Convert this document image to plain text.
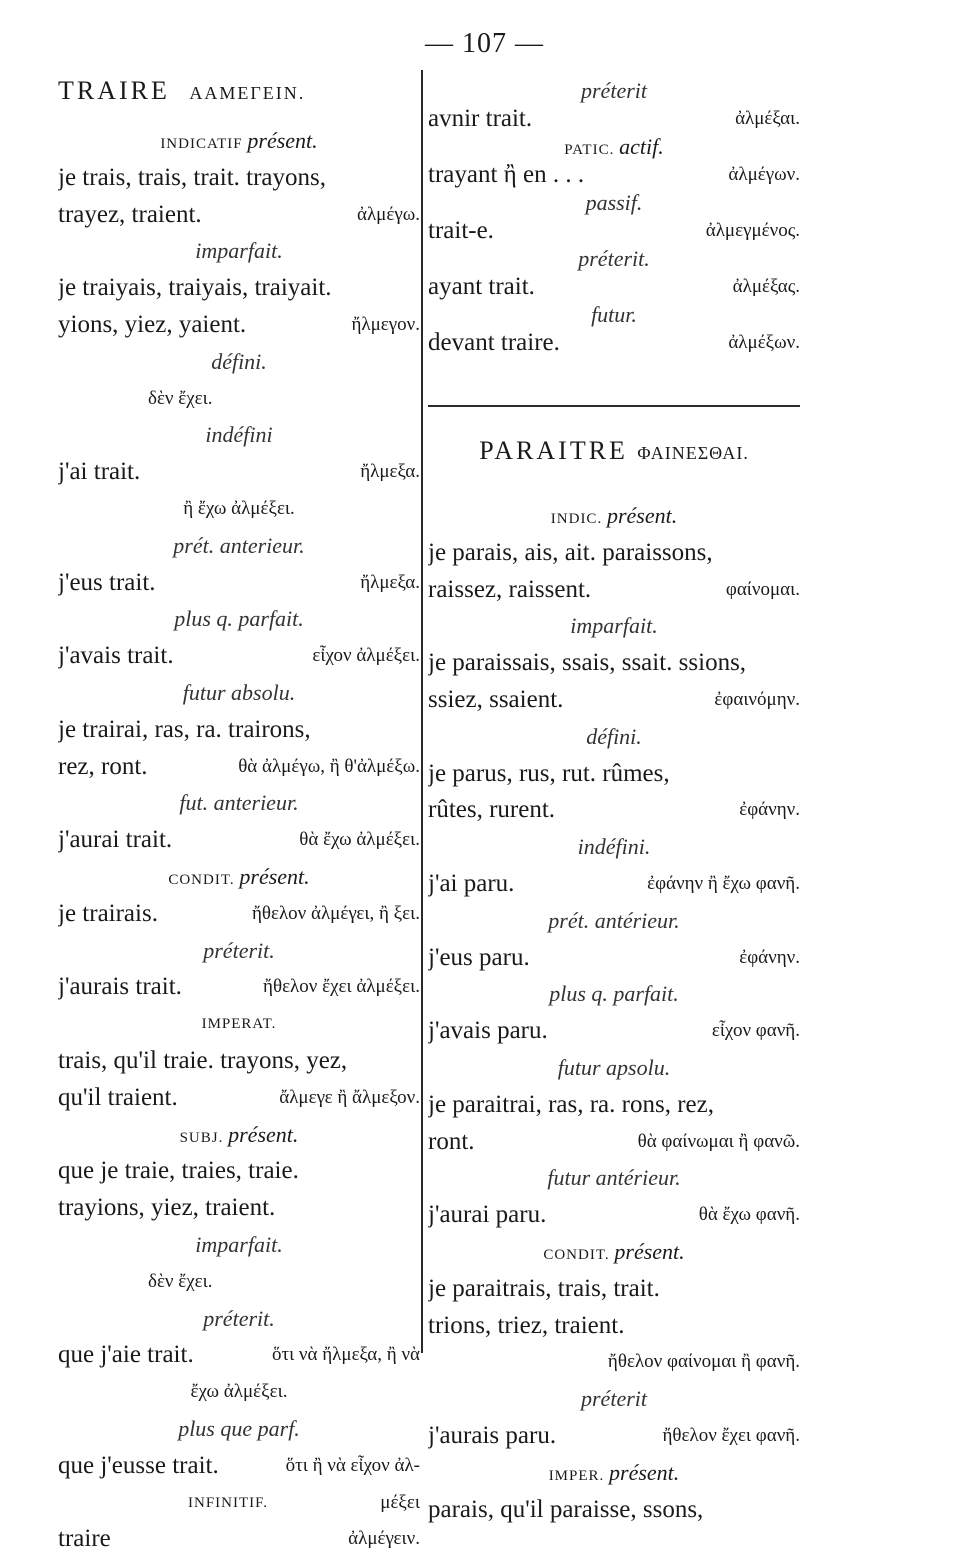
— 107 —
TRAIRE ΑΑΜΕΓΕΙΝ.
INDICATIF présent.
je trais, trais, trait. trayons,
trayez, traient.	ἀλμέγω.
imparfait.
je traiyais, traiyais, traiyait.
yions, yiez, yaient.	ἤλμεγον.
défini.
δὲν ἔχει.
indéfini
j'ai trait.	ἤλμεξα.
ἢ ἔχω ἀλμέξει.
prét. anterieur.
j'eus trait.	ἤλμεξα.
plus q. parfait.
j'avais trait.	εἶχον ἀλμέξει.
futur absolu.
je trairai, ras, ra. trairons,
rez, ront.	θὰ ἀλμέγω, ἢ θ'ἀλμέξω.
fut. anterieur.
j'aurai trait.	θὰ ἔχω ἀλμέξει.
CONDIT. présent.
je trairais.	ἤθελον ἀλμέγει, ἢ ξει.
préterit.
j'aurais trait.	ἤθελον ἔχει ἀλμέξει.
IMPERAT.
trais, qu'il traie. trayons, yez,
qu'il traient.	ἄλμεγε ἢ ἄλμεξον.
SUBJ. présent.
que je traie, traies, traie.
trayions, yiez, traient.
imparfait.
δὲν ἔχει.
préterit.
que j'aie trait.	ὅτι νὰ ἤλμεξα, ἢ νὰ
ἔχω ἀλμέξει.
plus que parf.
que j'eusse trait.	ὅτι ἢ νὰ εἶχον ἀλ-
INFINITIF.	μέξει
traire	ἀλμέγειν.
préterit
avnir trait.	ἀλμέξαι.
PATIC. actif.
trayant ἢ en . . .	ἀλμέγων.
passif.
trait-e.	ἀλμεγμένος.
préterit.
ayant trait.	ἀλμέξας.
futur.
devant traire.	ἀλμέξων.
PARAITRE ΦΑΙΝΕΣΘΑΙ.
INDIC. présent.
je parais, ais, ait. paraissons,
raissez, raissent.	φαίνομαι.
imparfait.
je paraissais, ssais, ssait. ssions,
ssiez, ssaient.	ἐφαινόμην.
défini.
je parus, rus, rut. rûmes,
rûtes, rurent.	ἐφάνην.
indéfini.
j'ai paru.	ἐφάνην ἢ ἔχω φανῆ.
prét. antérieur.
j'eus paru.	ἐφάνην.
plus q. parfait.
j'avais paru.	εἶχον φανῆ.
futur apsolu.
je paraitrai, ras, ra. rons, rez,
ront.	θὰ φαίνωμαι ἢ φανῶ.
futur antérieur.
j'aurai paru.	θὰ ἔχω φανῆ.
CONDIT. présent.
je paraitrais, trais, trait.
trions, triez, traient.
ἤθελον φαίνομαι ἢ φανῆ.
préterit
j'aurais paru.	ἤθελον ἔχει φανῆ.
IMPER. présent.
parais, qu'il paraisse, ssons,
